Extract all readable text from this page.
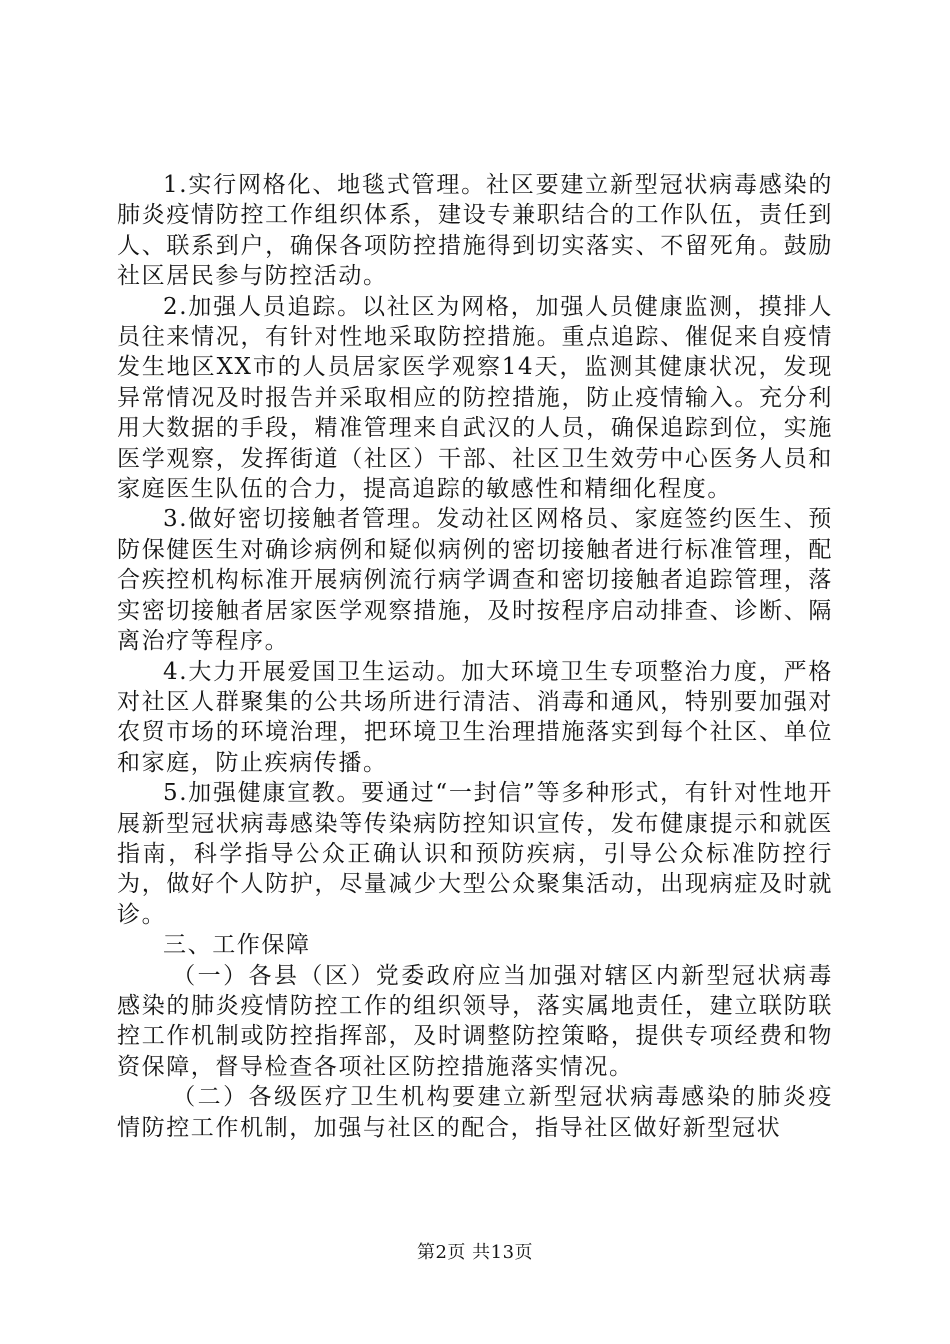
1.实行网格化、地毯式管理。社区要建立新型冠状病毒感染的肺炎疫情防控工作组织体系，建设专兼职结合的工作队伍，责任到人、联系到户，确保各项防控措施得到切实落实、不留死角。鼓励社区居民参与防控活动。

2.加强人员追踪。以社区为网格，加强人员健康监测，摸排人员往来情况，有针对性地采取防控措施。重点追踪、催促来自疫情发生地区XX市的人员居家医学观察14天，监测其健康状况，发现异常情况及时报告并采取相应的防控措施，防止疫情输入。充分利用大数据的手段，精准管理来自武汉的人员，确保追踪到位，实施医学观察，发挥街道（社区）干部、社区卫生效劳中心医务人员和家庭医生队伍的合力，提高追踪的敏感性和精细化程度。

3.做好密切接触者管理。发动社区网格员、家庭签约医生、预防保健医生对确诊病例和疑似病例的密切接触者进行标准管理，配合疾控机构标准开展病例流行病学调查和密切接触者追踪管理，落实密切接触者居家医学观察措施，及时按程序启动排查、诊断、隔离治疗等程序。

4.大力开展爱国卫生运动。加大环境卫生专项整治力度，严格对社区人群聚集的公共场所进行清洁、消毒和通风，特别要加强对农贸市场的环境治理，把环境卫生治理措施落实到每个社区、单位和家庭，防止疾病传播。

5.加强健康宣教。要通过“一封信”等多种形式，有针对性地开展新型冠状病毒感染等传染病防控知识宣传，发布健康提示和就医指南，科学指导公众正确认识和预防疾病，引导公众标准防控行为，做好个人防护，尽量减少大型公众聚集活动，出现病症及时就诊。

三、工作保障

（一）各县（区）党委政府应当加强对辖区内新型冠状病毒感染的肺炎疫情防控工作的组织领导，落实属地责任，建立联防联控工作机制或防控指挥部，及时调整防控策略，提供专项经费和物资保障，督导检查各项社区防控措施落实情况。

（二）各级医疗卫生机构要建立新型冠状病毒感染的肺炎疫情防控工作机制，加强与社区的配合，指导社区做好新型冠状

第2页 共13页
